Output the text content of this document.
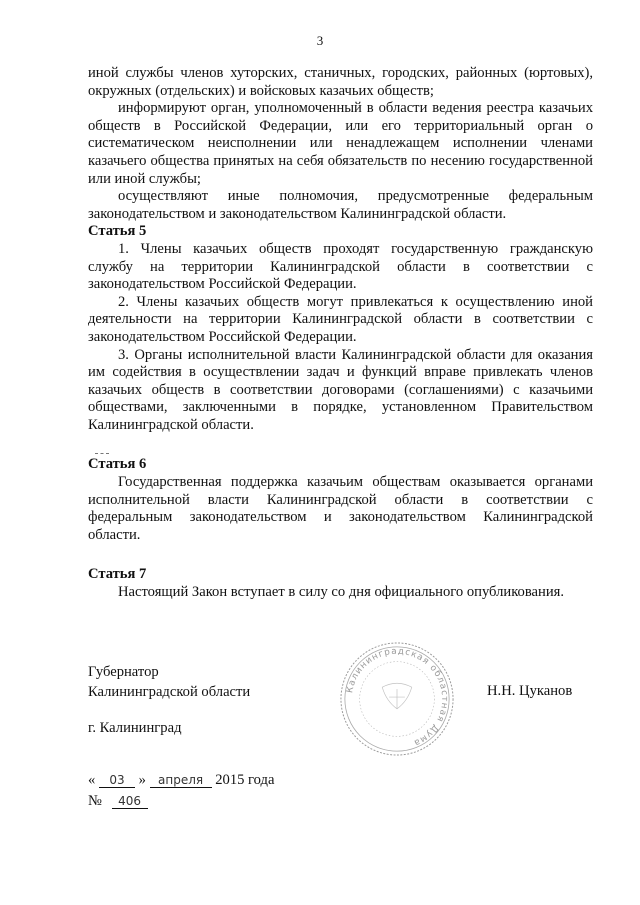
3

иной службы членов хуторских, станичных, городских, районных (юртовых), окружных (отдельских) и войсковых казачьих обществ;

информируют орган, уполномоченный в области ведения реестра казачьих обществ в Российской Федерации, или его территориальный орган о систематическом неисполнении или ненадлежащем исполнении членами казачьего общества принятых на себя обязательств по несению государственной или иной службы;

осуществляют иные полномочия, предусмотренные федеральным законодательством и законодательством Калининградской области.

Статья 5

1. Члены казачьих обществ проходят государственную гражданскую службу на территории Калининградской области в соответствии с законодательством Российской Федерации.

2. Члены казачьих обществ могут привлекаться к осуществлению иной деятельности на территории Калининградской области в соответствии с законодательством Российской Федерации.

3. Органы исполнительной власти Калининградской области для оказания им содействия в осуществлении задач и функций вправе привлекать членов казачьих обществ в соответствии договорами (соглашениями) с казачьими обществами, заключенными в порядке, установленном Правительством Калининградской области.

Статья 6

Государственная поддержка казачьим обществам оказывается органами исполнительной власти Калининградской области в соответствии с федеральным законодательством и законодательством Калининградской области.

Статья 7

Настоящий Закон вступает в силу со дня официального опубликования.

Калининградская областная Дума
Губернатор
Калининградской области	Н.Н. Цуканов
г. Калининград
« 03 » апреля 2015 года
№ 406
